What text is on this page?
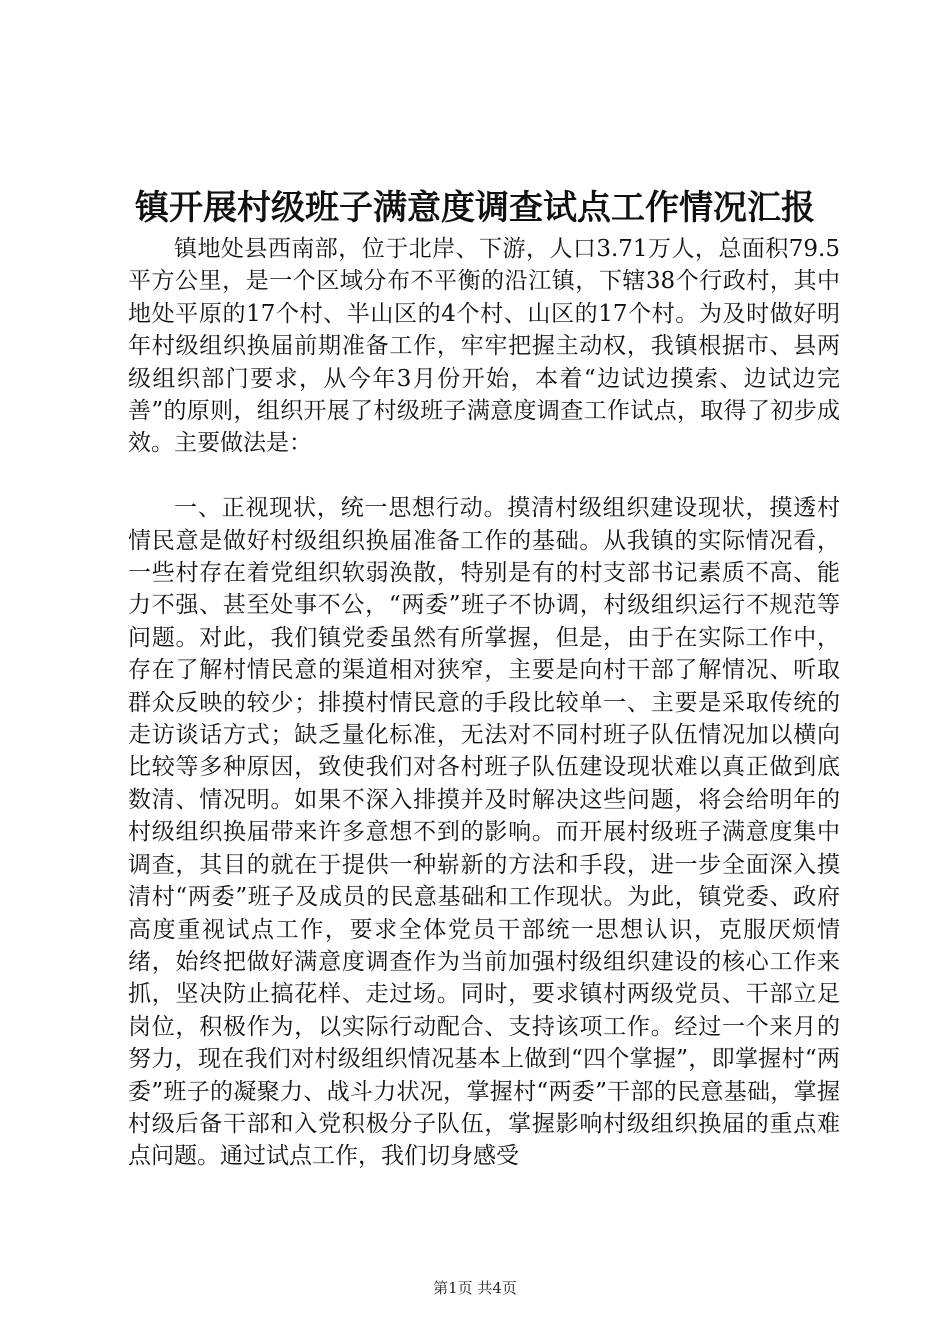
镇开展村级班子满意度调查试点工作情况汇报

镇地处县西南部，位于北岸、下游，人口3.71万人，总面积79.5平方公里，是一个区域分布不平衡的沿江镇，下辖38个行政村，其中地处平原的17个村、半山区的4个村、山区的17个村。为及时做好明年村级组织换届前期准备工作，牢牢把握主动权，我镇根据市、县两级组织部门要求，从今年3月份开始，本着“边试边摸索、边试边完善”的原则，组织开展了村级班子满意度调查工作试点，取得了初步成效。主要做法是：

一、正视现状，统一思想行动。摸清村级组织建设现状，摸透村情民意是做好村级组织换届准备工作的基础。从我镇的实际情况看，一些村存在着党组织软弱涣散，特别是有的村支部书记素质不高、能力不强、甚至处事不公，“两委”班子不协调，村级组织运行不规范等问题。对此，我们镇党委虽然有所掌握，但是，由于在实际工作中，存在了解村情民意的渠道相对狭窄，主要是向村干部了解情况、听取群众反映的较少；排摸村情民意的手段比较单一、主要是采取传统的走访谈话方式；缺乏量化标准，无法对不同村班子队伍情况加以横向比较等多种原因，致使我们对各村班子队伍建设现状难以真正做到底数清、情况明。如果不深入排摸并及时解决这些问题，将会给明年的村级组织换届带来许多意想不到的影响。而开展村级班子满意度集中调查，其目的就在于提供一种崭新的方法和手段，进一步全面深入摸清村“两委”班子及成员的民意基础和工作现状。为此，镇党委、政府高度重视试点工作，要求全体党员干部统一思想认识，克服厌烦情绪，始终把做好满意度调查作为当前加强村级组织建设的核心工作来抓，坚决防止搞花样、走过场。同时，要求镇村两级党员、干部立足岗位，积极作为，以实际行动配合、支持该项工作。经过一个来月的努力，现在我们对村级组织情况基本上做到“四个掌握”，即掌握村“两委”班子的凝聚力、战斗力状况，掌握村“两委”干部的民意基础，掌握村级后备干部和入党积极分子队伍，掌握影响村级组织换届的重点难点问题。通过试点工作，我们切身感受

第1页 共4页
